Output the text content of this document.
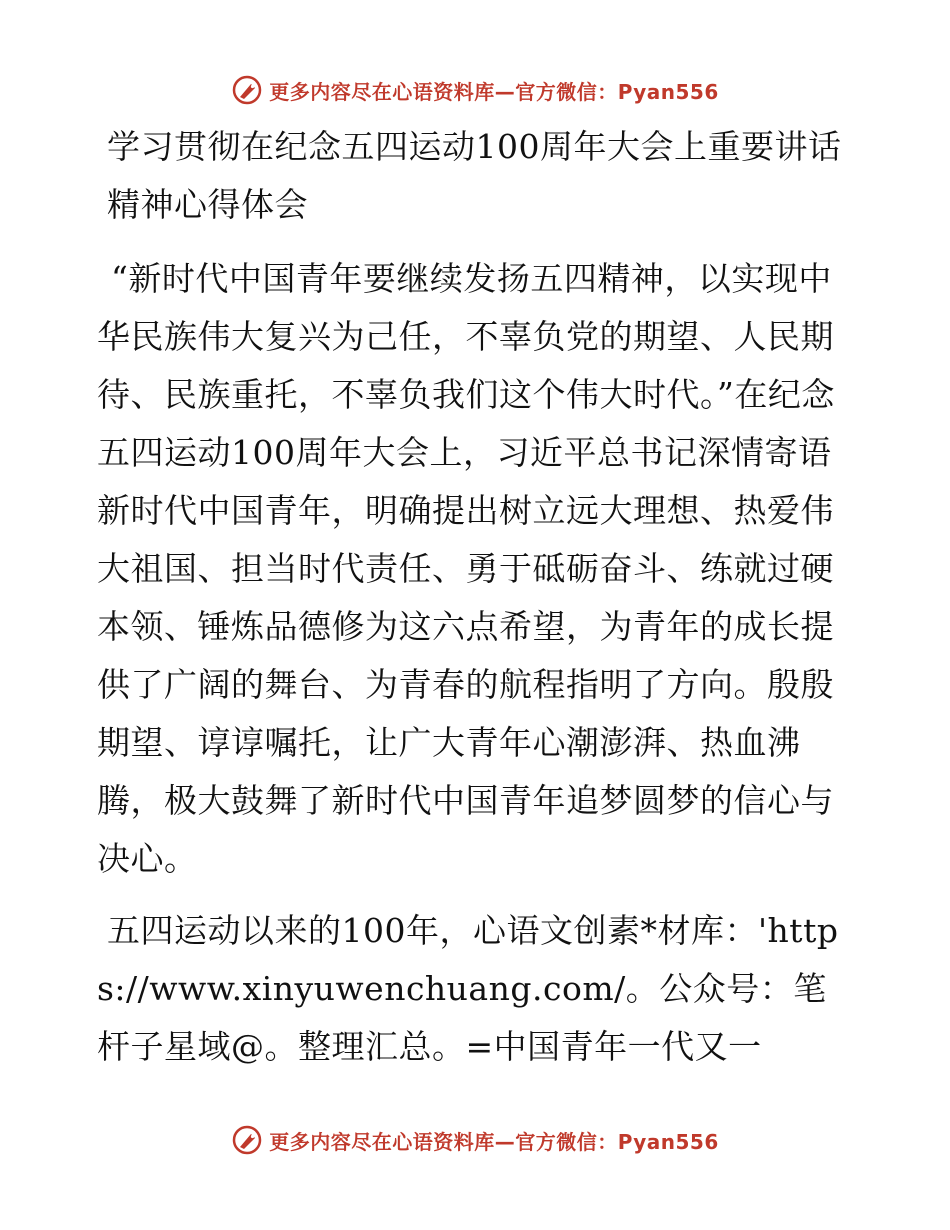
更多内容尽在心语资料库—官方微信：Pyan556
学习贯彻在纪念五四运动100周年大会上重要讲话精神心得体会

“新时代中国青年要继续发扬五四精神，以实现中华民族伟大复兴为己任，不辜负党的期望、人民期待、民族重托，不辜负我们这个伟大时代。”在纪念五四运动100周年大会上，习近平总书记深情寄语新时代中国青年，明确提出树立远大理想、热爱伟大祖国、担当时代责任、勇于砥砺奋斗、练就过硬本领、锤炼品德修为这六点希望，为青年的成长提供了广阔的舞台、为青春的航程指明了方向。殷殷期望、谆谆嘱托，让广大青年心潮澎湃、热血沸腾，极大鼓舞了新时代中国青年追梦圆梦的信心与决心。

五四运动以来的100年，心语文创素*材库：'https://www.xinyuwenchuang.com/。公众号：笔杆子星域@。整理汇总。=中国青年一代又一

更多内容尽在心语资料库—官方微信：Pyan556
